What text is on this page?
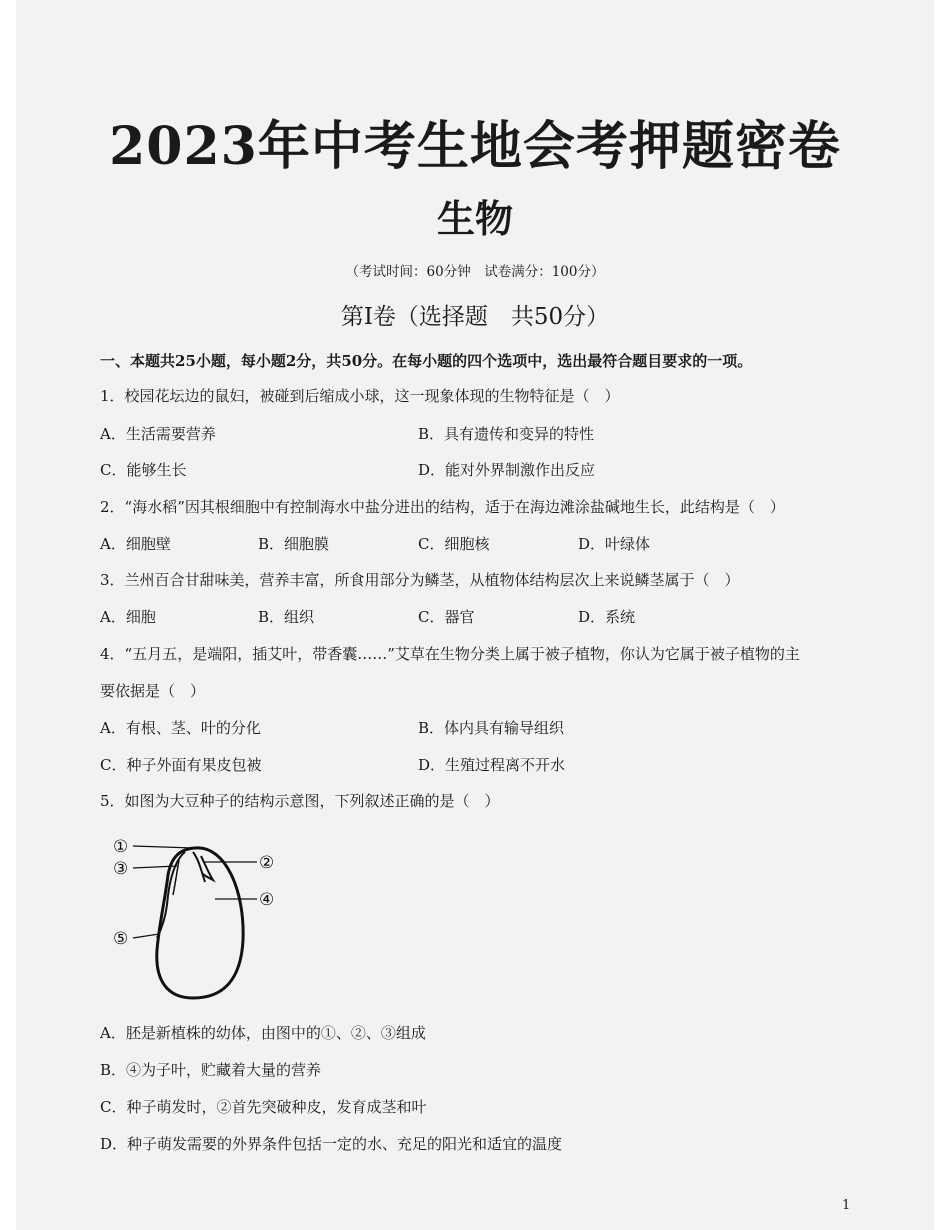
2023年中考生地会考押题密卷
生物
（考试时间：60分钟　试卷满分：100分）
第Ⅰ卷（选择题　共50分）
一、本题共25小题，每小题2分，共50分。在每小题的四个选项中，选出最符合题目要求的一项。
1．校园花坛边的鼠妇，被碰到后缩成小球，这一现象体现的生物特征是（　）
A．生活需要营养	B．具有遗传和变异的特性
C．能够生长	D．能对外界制激作出反应
2．“海水稻”因其根细胞中有控制海水中盐分进出的结构，适于在海边滩涂盐碱地生长，此结构是（　）
A．细胞壁	B．细胞膜	C．细胞核	D．叶绿体
3．兰州百合甘甜味美，营养丰富，所食用部分为鳞茎，从植物体结构层次上来说鳞茎属于（　）
A．细胞	B．组织	C．器官	D．系统
4．“五月五，是端阳，插艾叶，带香囊……”艾草在生物分类上属于被子植物，你认为它属于被子植物的主
要依据是（　）
A．有根、茎、叶的分化	B．体内具有输导组织
C．种子外面有果皮包被	D．生殖过程离不开水
5．如图为大豆种子的结构示意图，下列叙述正确的是（　）
①
③	②
④
⑤
A．胚是新植株的幼体，由图中的①、②、③组成
B．④为子叶，贮藏着大量的营养
C．种子萌发时，②首先突破种皮，发育成茎和叶
D．种子萌发需要的外界条件包括一定的水、充足的阳光和适宜的温度
1
